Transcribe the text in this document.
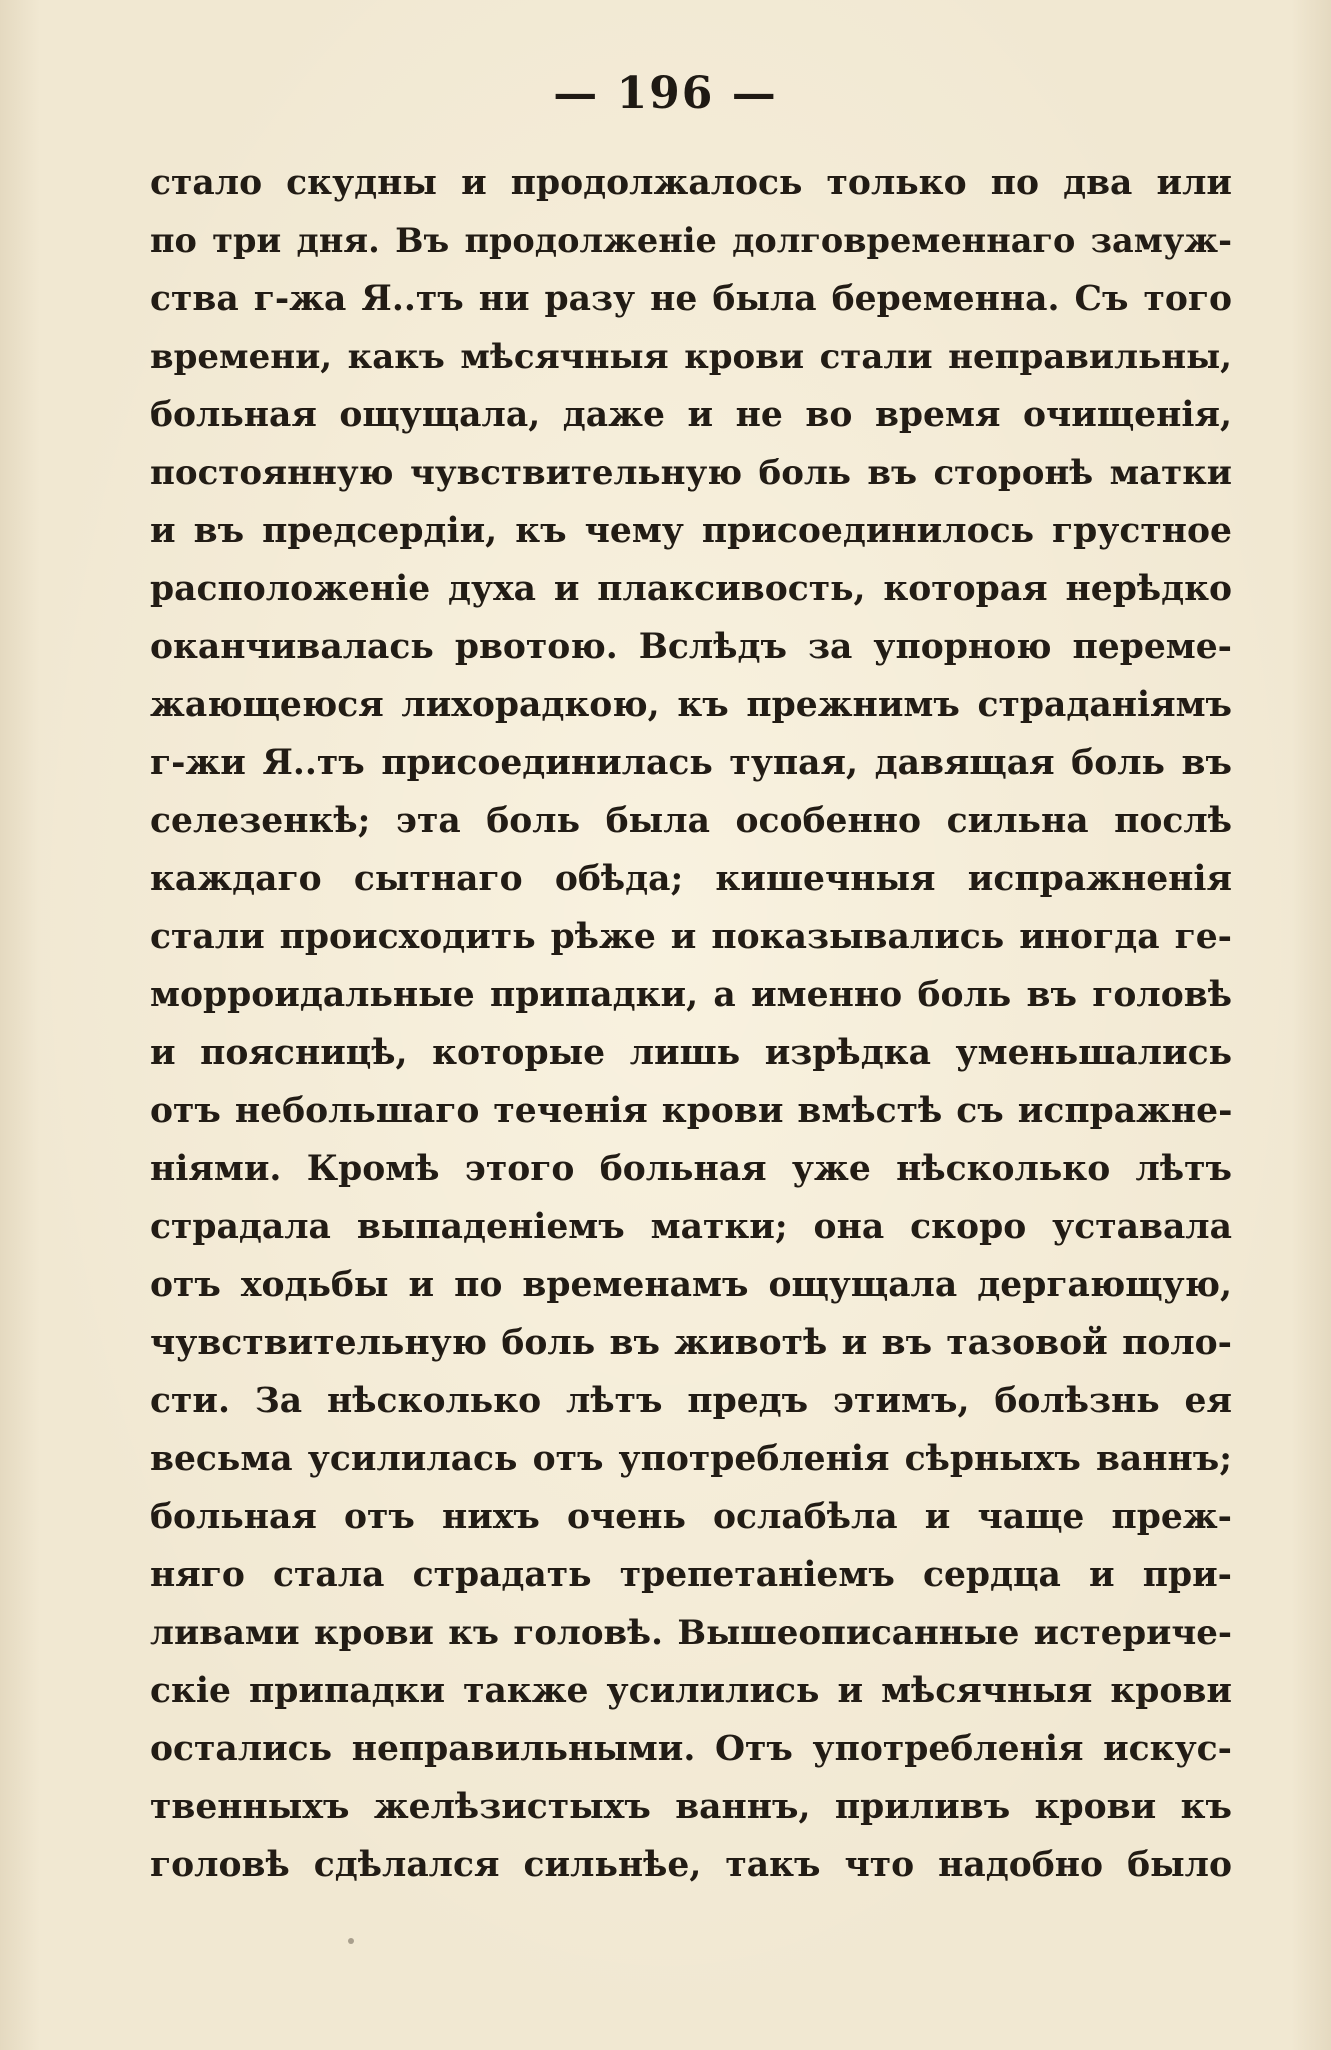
— 196 —
стало скудны и продолжалось только по два или
по три дня. Въ продолженіе долговременнаго замуж-
ства г-жа Я..тъ ни разу не была беременна. Съ того
времени, какъ мѣсячныя крови стали неправильны,
больная ощущала, даже и не во время очищенія,
постоянную чувствительную боль въ сторонѣ матки
и въ предсердіи, къ чему присоединилось грустное
расположеніе духа и плаксивость, которая нерѣдко
оканчивалась рвотою. Вслѣдъ за упорною переме-
жающеюся лихорадкою, къ прежнимъ страданіямъ
г-жи Я..тъ присоединилась тупая, давящая боль въ
селезенкѣ; эта боль была особенно сильна послѣ
каждаго сытнаго обѣда; кишечныя испражненія
стали происходить рѣже и показывались иногда ге-
морроидальные припадки, а именно боль въ головѣ
и поясницѣ, которые лишь изрѣдка уменьшались
отъ небольшаго теченія крови вмѣстѣ съ испражне-
ніями. Кромѣ этого больная уже нѣсколько лѣтъ
страдала выпаденіемъ матки; она скоро уставала
отъ ходьбы и по временамъ ощущала дергающую,
чувствительную боль въ животѣ и въ тазовой поло-
сти. За нѣсколько лѣтъ предъ этимъ, болѣзнь ея
весьма усилилась отъ употребленія сѣрныхъ ваннъ;
больная отъ нихъ очень ослабѣла и чаще преж-
няго стала страдать трепетаніемъ сердца и при-
ливами крови къ головѣ. Вышеописанные истериче-
скіе припадки также усилились и мѣсячныя крови
остались неправильными. Отъ употребленія искус-
твенныхъ желѣзистыхъ ваннъ, приливъ крови къ
головѣ сдѣлался сильнѣе, такъ что надобно было
